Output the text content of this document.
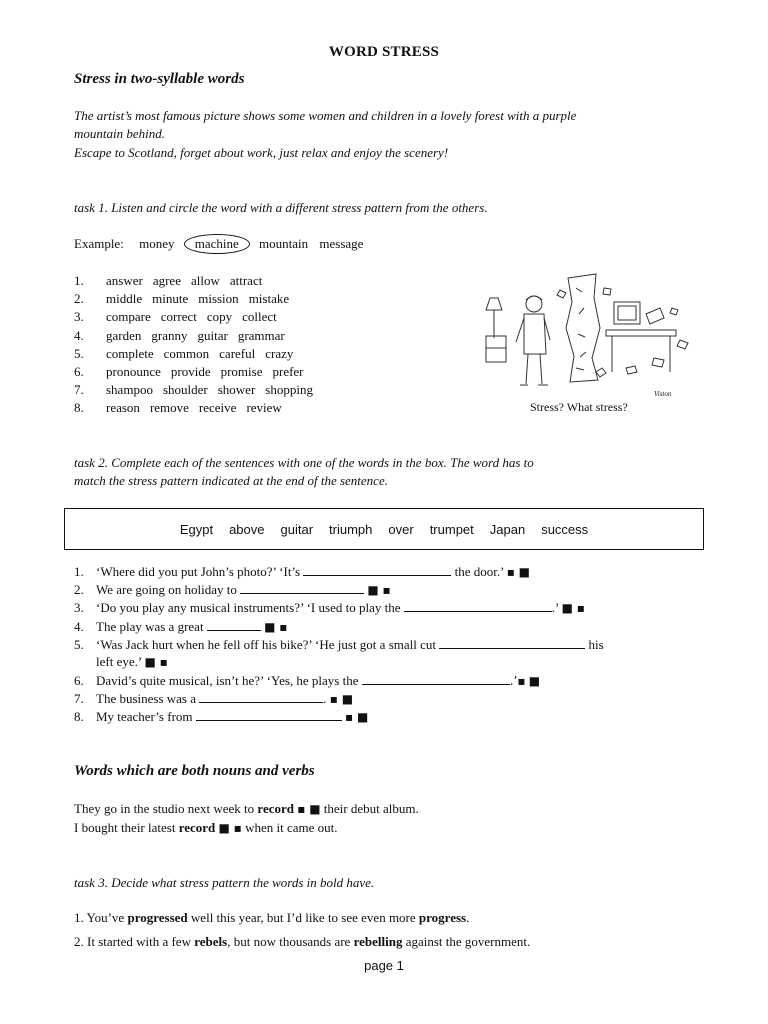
WORD STRESS
Stress in two-syllable words
The artist’s most famous picture shows some women and children in a lovely forest with a purple
mountain behind.
Escape to Scotland, forget about work, just relax and enjoy the scenery!
task 1. Listen and circle the word with a different stress pattern from the others.
Example: money machine mountain message
1. answer agree allow attract
2. middle minute mission mistake
3. compare correct copy collect
4. garden granny guitar grammar
5. complete common careful crazy
6. pronounce provide promise prefer
7. shampoo shoulder shower shopping
8. reason remove receive review
Viston
Stress? What stress?
task 2. Complete each of the sentences with one of the words in the box. The word has to
match the stress pattern indicated at the end of the sentence.
Egypt above guitar triumph over trumpet Japan success
1. ‘Where did you put John’s photo?’ ‘It’s	the door.’ ▪ ■
2. We are going on holiday to	■ ▪
3. ‘Do you play any musical instruments?’ ‘I used to play the	.’ ■ ▪
4. The play was a great	■ ▪
5. ‘Was Jack hurt when he fell off his bike?’ ‘He just got a small cut	his
left eye.’ ■ ▪
6. David’s quite musical, isn’t he?’ ‘Yes, he plays the	.’▪ ■
7. The business was a	. ▪ ■
8. My teacher’s from	▪ ■
Words which are both nouns and verbs
They go in the studio next week to record ▪ ■ their debut album.
I bought their latest record ■ ▪ when it came out.
task 3. Decide what stress pattern the words in bold have.
1. You’ve progressed well this year, but I’d like to see even more progress.
2. It started with a few rebels, but now thousands are rebelling against the government.
page 1
